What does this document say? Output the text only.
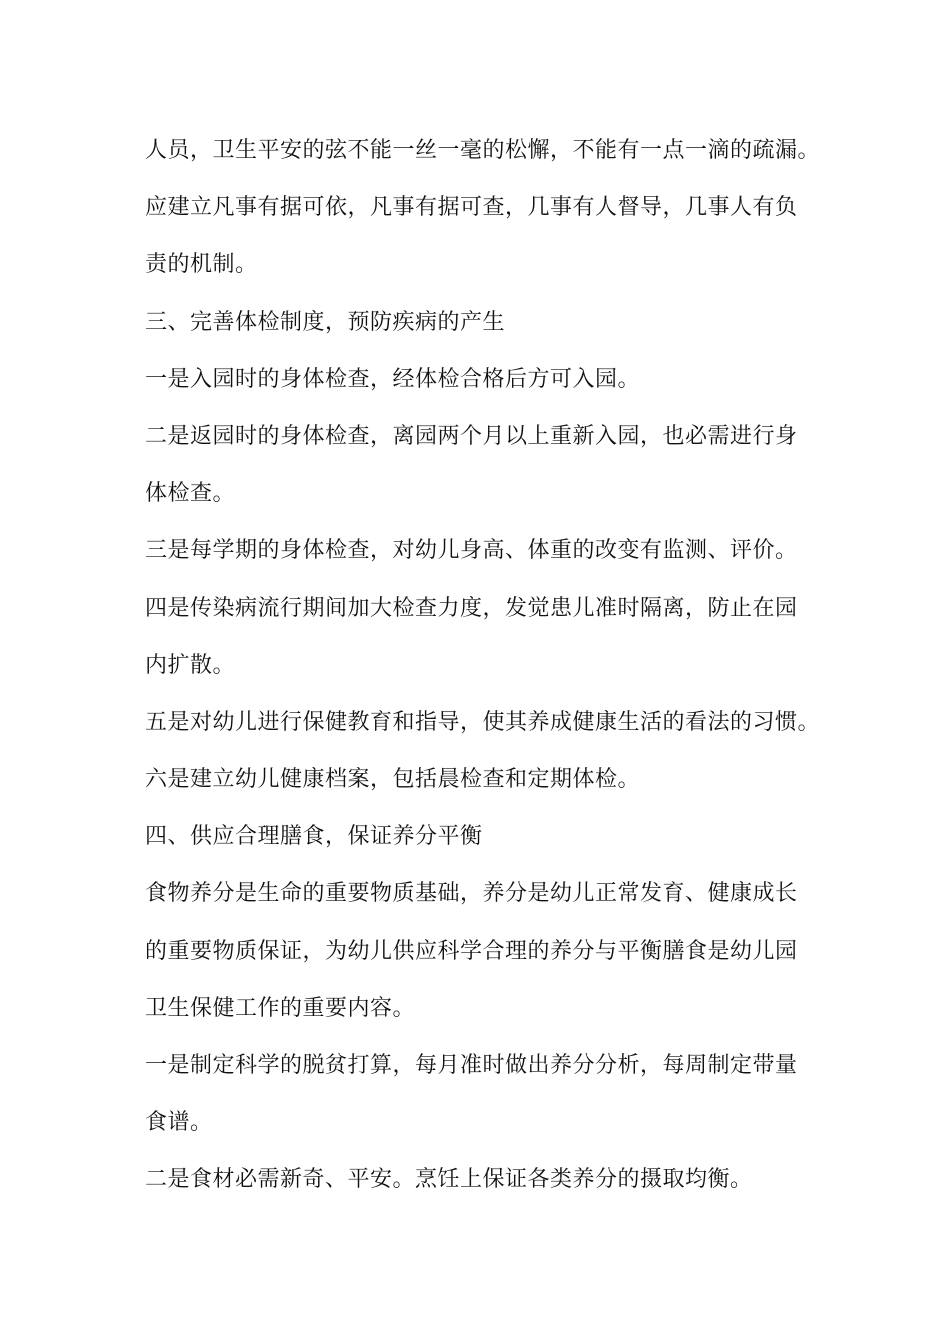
人员，卫生平安的弦不能一丝一毫的松懈，不能有一点一滴的疏漏。
应建立凡事有据可依，凡事有据可查，几事有人督导，几事人有负
责的机制。
三、完善体检制度，预防疾病的产生
一是入园时的身体检查，经体检合格后方可入园。
二是返园时的身体检查，离园两个月以上重新入园，也必需进行身
体检查。
三是每学期的身体检查，对幼儿身高、体重的改变有监测、评价。
四是传染病流行期间加大检查力度，发觉患儿准时隔离，防止在园
内扩散。
五是对幼儿进行保健教育和指导，使其养成健康生活的看法的习惯。
六是建立幼儿健康档案，包括晨检查和定期体检。
四、供应合理膳食，保证养分平衡
食物养分是生命的重要物质基础，养分是幼儿正常发育、健康成长
的重要物质保证，为幼儿供应科学合理的养分与平衡膳食是幼儿园
卫生保健工作的重要内容。
一是制定科学的脱贫打算，每月准时做出养分分析，每周制定带量
食谱。
二是食材必需新奇、平安。烹饪上保证各类养分的摄取均衡。
